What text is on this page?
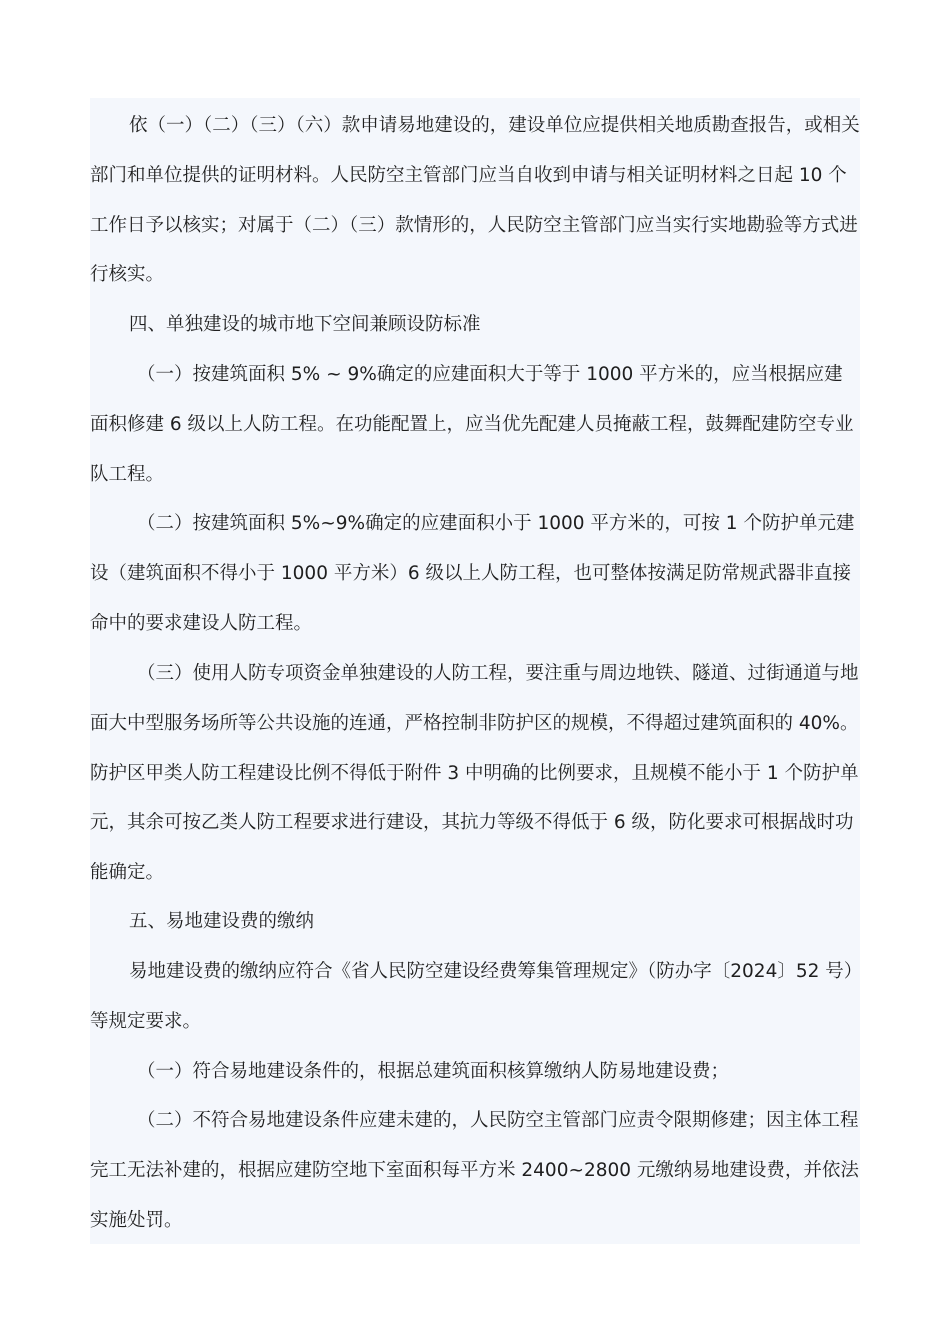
依（一）（二）（三）（六）款申请易地建设的，建设单位应提供相关地质勘查报告，或相关部门和单位提供的证明材料。人民防空主管部门应当自收到申请与相关证明材料之日起 10 个工作日予以核实；对属于（二）（三）款情形的，人民防空主管部门应当实行实地勘验等方式进行核实。

四、单独建设的城市地下空间兼顾设防标准

（一）按建筑面积 5% ~ 9%确定的应建面积大于等于 1000 平方米的，应当根据应建面积修建 6 级以上人防工程。在功能配置上，应当优先配建人员掩蔽工程，鼓舞配建防空专业队工程。

（二）按建筑面积 5%~9%确定的应建面积小于 1000 平方米的，可按 1 个防护单元建设（建筑面积不得小于 1000 平方米）6 级以上人防工程，也可整体按满足防常规武器非直接命中的要求建设人防工程。

（三）使用人防专项资金单独建设的人防工程，要注重与周边地铁、隧道、过街通道与地面大中型服务场所等公共设施的连通，严格控制非防护区的规模，不得超过建筑面积的 40%。防护区甲类人防工程建设比例不得低于附件 3 中明确的比例要求，且规模不能小于 1 个防护单元，其余可按乙类人防工程要求进行建设，其抗力等级不得低于 6 级，防化要求可根据战时功能确定。

五、易地建设费的缴纳

易地建设费的缴纳应符合《省人民防空建设经费筹集管理规定》（防办字〔2024〕52 号）等规定要求。

（一）符合易地建设条件的，根据总建筑面积核算缴纳人防易地建设费；

（二）不符合易地建设条件应建未建的，人民防空主管部门应责令限期修建；因主体工程完工无法补建的，根据应建防空地下室面积每平方米 2400~2800 元缴纳易地建设费，并依法实施处罚。
